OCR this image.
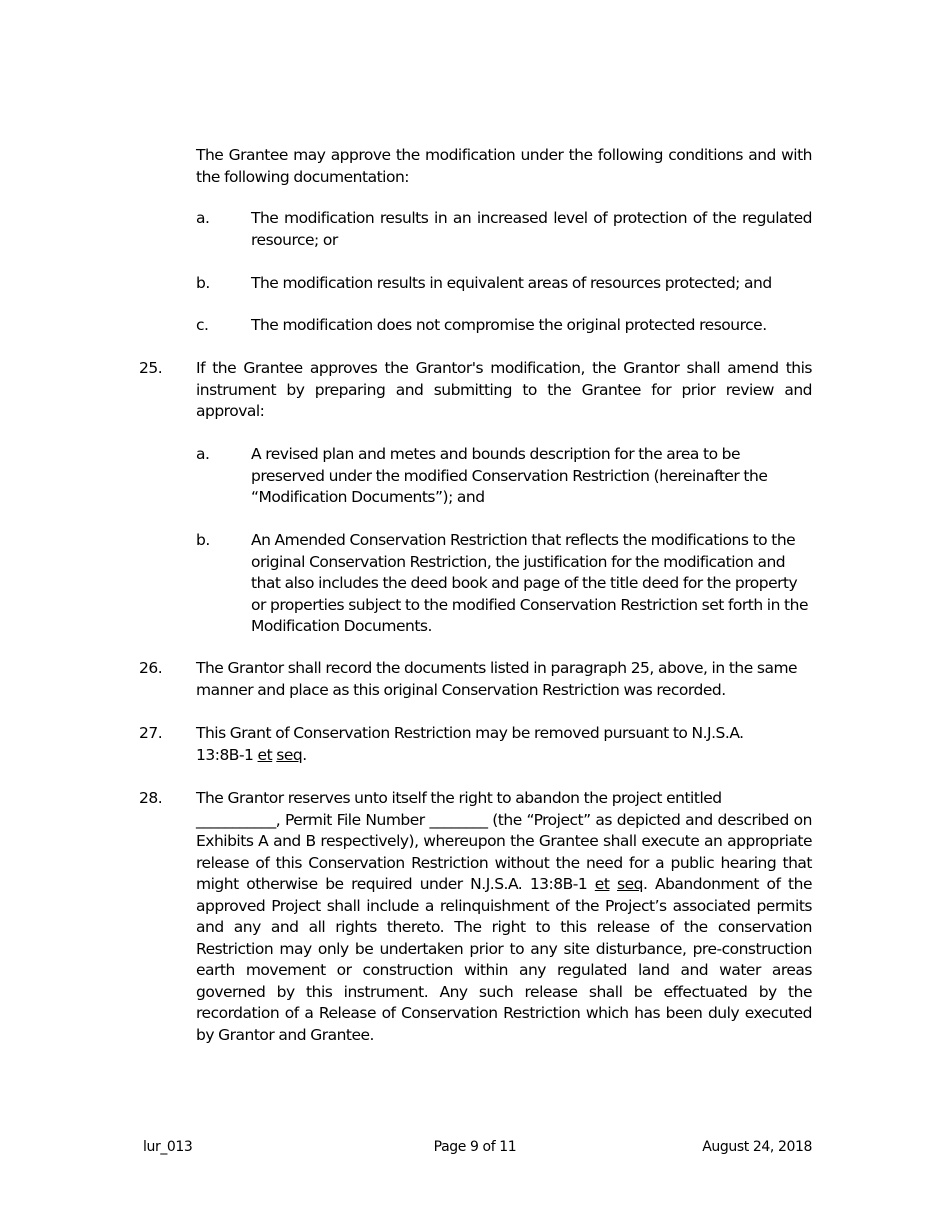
The Grantee may approve the modification under the following conditions and with the following documentation:
a.	The modification results in an increased level of protection of the regulated resource; or
b.	The modification results in equivalent areas of resources protected; and
c.	The modification does not compromise the original protected resource.
25. If the Grantee approves the Grantor's modification, the Grantor shall amend this instrument by preparing and submitting to the Grantee for prior review and approval:
a.	A revised plan and metes and bounds description for the area to be preserved under the modified Conservation Restriction (hereinafter the “Modification Documents”); and
b.	An Amended Conservation Restriction that reflects the modifications to the original Conservation Restriction, the justification for the modification and that also includes the deed book and page of the title deed for the property or properties subject to the modified Conservation Restriction set forth in the Modification Documents.
26. The Grantor shall record the documents listed in paragraph 25, above, in the same manner and place as this original Conservation Restriction was recorded.
27. This Grant of Conservation Restriction may be removed pursuant to N.J.S.A.
13:8B-1 et seq.
28. The Grantor reserves unto itself the right to abandon the project entitled
___________, Permit File Number ________ (the “Project” as depicted and described on Exhibits A and B respectively), whereupon the Grantee shall execute an appropriate release of this Conservation Restriction without the need for a public hearing that might otherwise be required under N.J.S.A. 13:8B-1 et seq. Abandonment of the approved Project shall include a relinquishment of the Project’s associated permits and any and all rights thereto. The right to this release of the conservation Restriction may only be undertaken prior to any site disturbance, pre-construction earth movement or construction within any regulated land and water areas governed by this instrument. Any such release shall be effectuated by the recordation of a Release of Conservation Restriction which has been duly executed by Grantor and Grantee.
lur_013	Page 9 of 11	August 24, 2018
